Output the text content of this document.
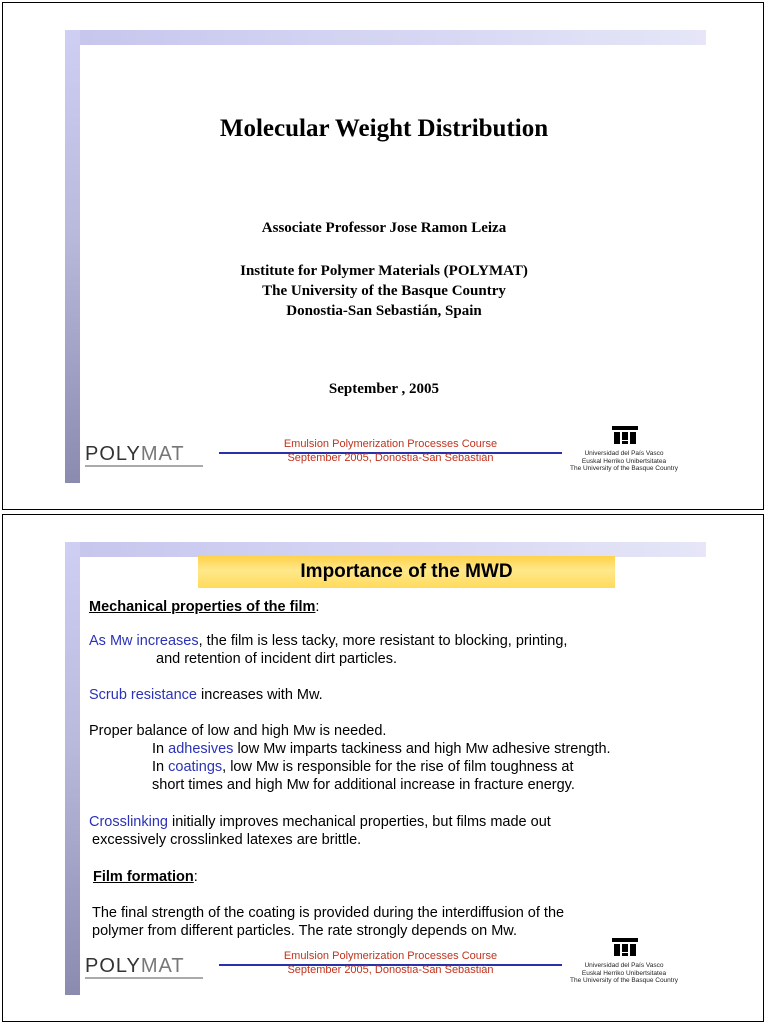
Molecular Weight Distribution
Associate Professor Jose Ramon Leiza
Institute for Polymer Materials (POLYMAT)
The University of the Basque Country
Donostia-San Sebastián, Spain
September , 2005
POLYMAT	Emulsion Polymerization Processes Course
September 2005, Donostia-San Sebastián	Universidad del País Vasco
Euskal Herriko Unibertsitatea
The University of the Basque Country
Importance of the MWD
Mechanical properties of the film:
As Mw increases, the film is less tacky, more resistant to blocking, printing,
and retention of incident dirt particles.
Scrub resistance increases with Mw.
Proper balance of low and high Mw is needed.
In adhesives low Mw imparts tackiness and high Mw adhesive strength.
In coatings, low Mw is responsible for the rise of film toughness at
short times and high Mw for additional increase in fracture energy.
Crosslinking initially improves mechanical properties, but films made out
excessively crosslinked latexes are brittle.
Film formation:
The final strength of the coating is provided during the interdiffusion of the
polymer from different particles. The rate strongly depends on Mw.
POLYMAT	Emulsion Polymerization Processes Course
September 2005, Donostia-San Sebastián	Universidad del País Vasco
Euskal Herriko Unibertsitatea
The University of the Basque Country
